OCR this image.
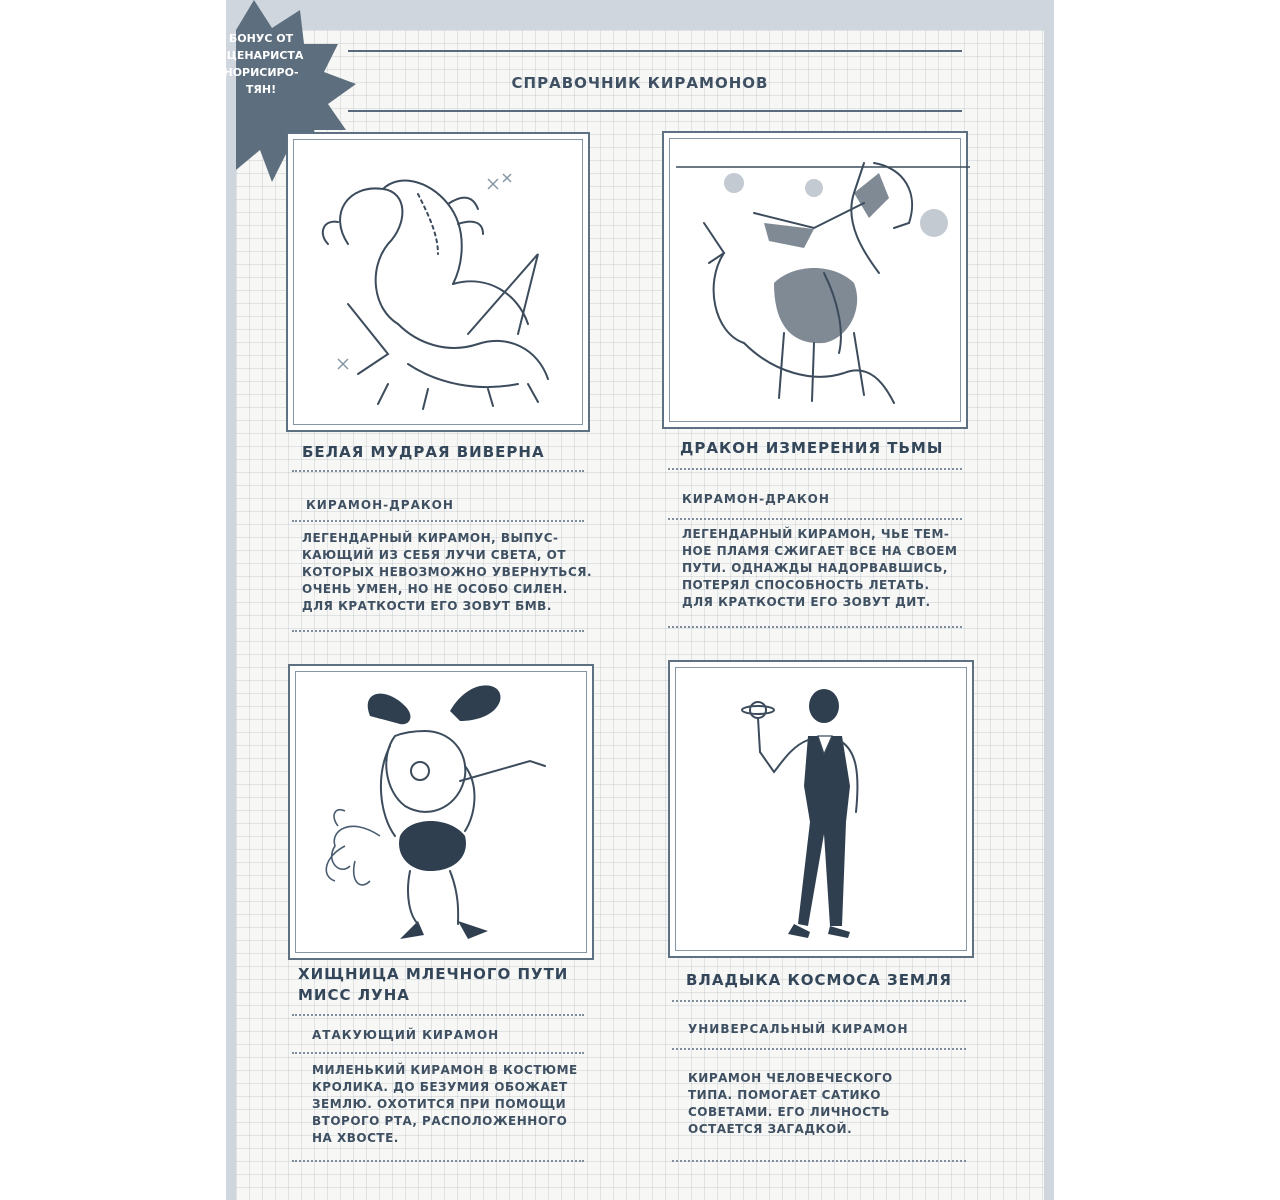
СПРАВОЧНИК КИРАМОНОВ
БОНУС ОТ
СЦЕНАРИСТА
НОРИСИРО-
ТЯН!
БЕЛАЯ МУДРАЯ ВИВЕРНА
КИРАМОН-ДРАКОН
ЛЕГЕНДАРНЫЙ КИРАМОН, ВЫПУС-
КАЮЩИЙ ИЗ СЕБЯ ЛУЧИ СВЕТА, ОТ
КОТОРЫХ НЕВОЗМОЖНО УВЕРНУТЬСЯ.
ОЧЕНЬ УМЕН, НО НЕ ОСОБО СИЛЕН.
ДЛЯ КРАТКОСТИ ЕГО ЗОВУТ БМВ.
ДРАКОН ИЗМЕРЕНИЯ ТЬМЫ
КИРАМОН-ДРАКОН
ЛЕГЕНДАРНЫЙ КИРАМОН, ЧЬЕ ТЕМ-
НОЕ ПЛАМЯ СЖИГАЕТ ВСЕ НА СВОЕМ
ПУТИ. ОДНАЖДЫ НАДОРВАВШИСЬ,
ПОТЕРЯЛ СПОСОБНОСТЬ ЛЕТАТЬ.
ДЛЯ КРАТКОСТИ ЕГО ЗОВУТ ДИТ.
ХИЩНИЦА МЛЕЧНОГО ПУТИ
МИСС ЛУНА
АТАКУЮЩИЙ КИРАМОН
МИЛЕНЬКИЙ КИРАМОН В КОСТЮМЕ
КРОЛИКА. ДО БЕЗУМИЯ ОБОЖАЕТ
ЗЕМЛЮ. ОХОТИТСЯ ПРИ ПОМОЩИ
ВТОРОГО РТА, РАСПОЛОЖЕННОГО
НА ХВОСТЕ.
ВЛАДЫКА КОСМОСА ЗЕМЛЯ
УНИВЕРСАЛЬНЫЙ КИРАМОН
КИРАМОН ЧЕЛОВЕЧЕСКОГО
ТИПА. ПОМОГАЕТ САТИКО
СОВЕТАМИ. ЕГО ЛИЧНОСТЬ
ОСТАЕТСЯ ЗАГАДКОЙ.
